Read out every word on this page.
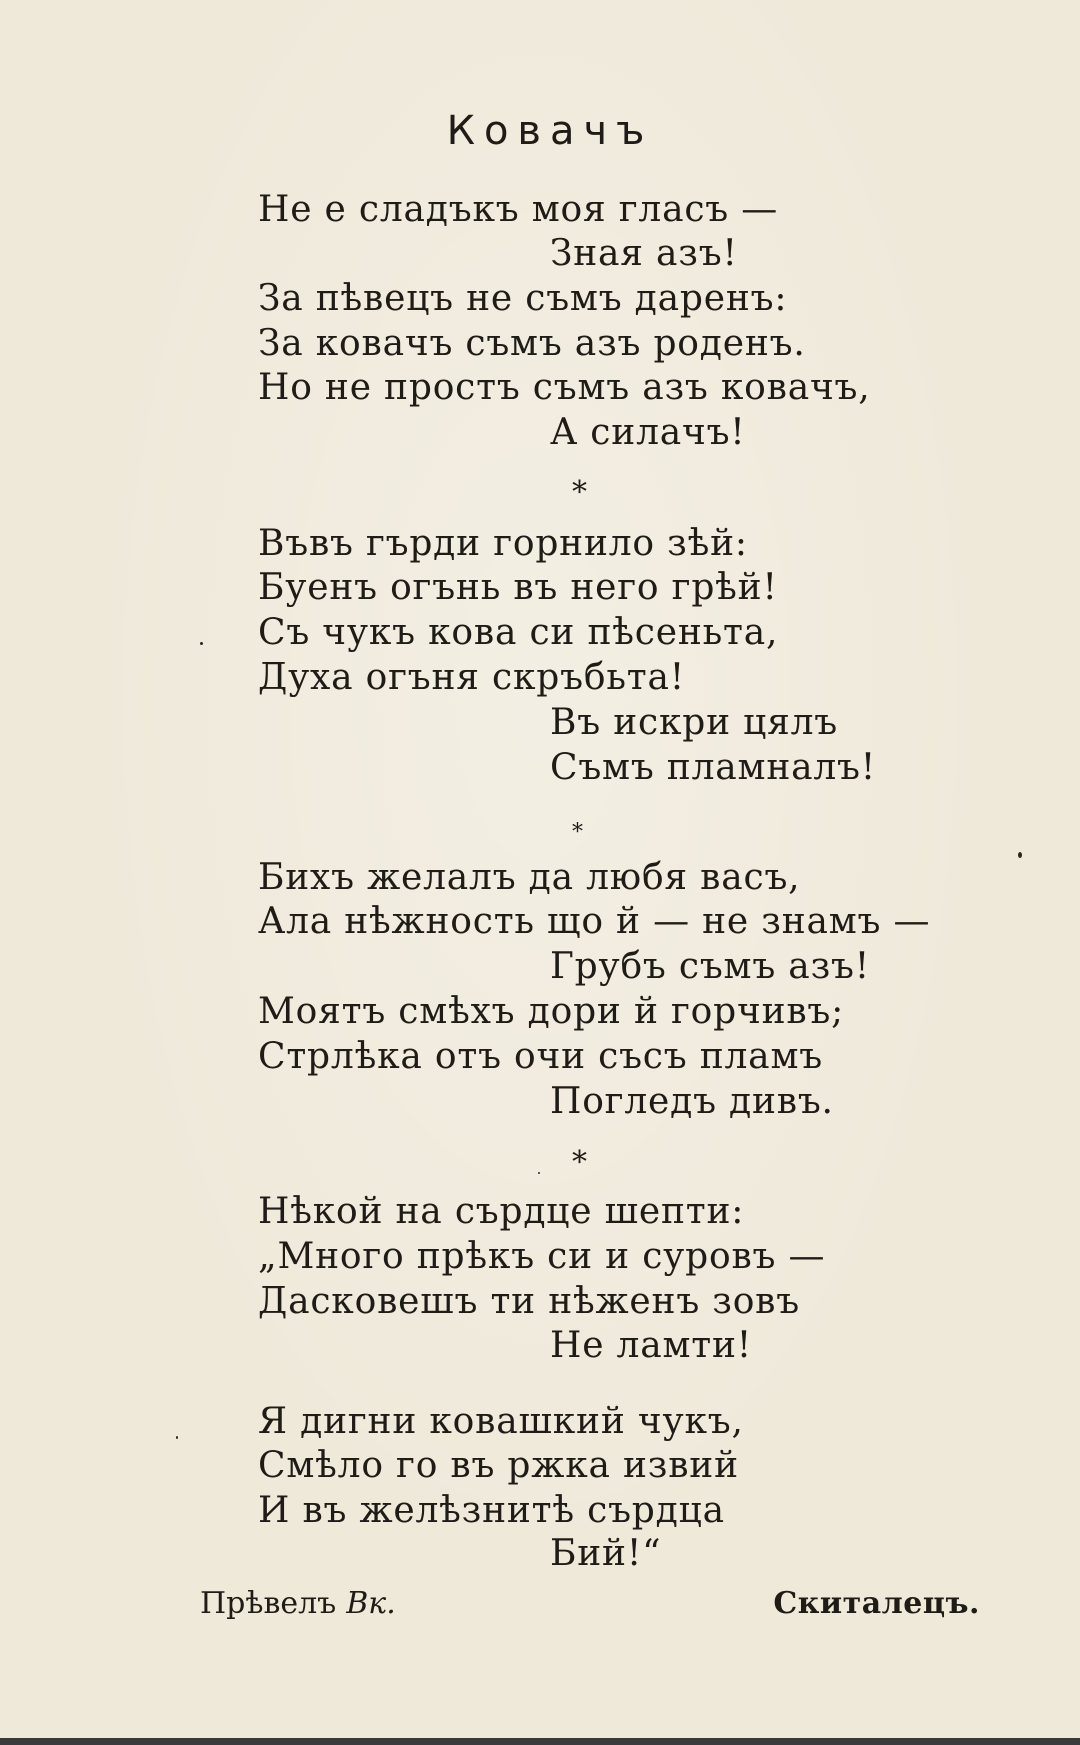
Ковачъ
Не е сладъкъ моя гласъ —
Зная азъ!
За пѣвецъ не съмъ даренъ:
За ковачъ съмъ азъ роденъ.
Но не простъ съмъ азъ ковачъ,
А силачъ!
*
Въвъ гърди горнило зѣй:
Буенъ огънь въ него грѣй!
Съ чукъ кова си пѣсеньта,
Духа огъня скръбьта!
Въ искри цялъ
Съмъ пламналъ!
*
Бихъ желалъ да любя васъ,
Ала нѣжность що й — не знамъ —
Грубъ съмъ азъ!
Моятъ смѣхъ дори й горчивъ;
Стрлѣка отъ очи съсъ пламъ
Погледъ дивъ.
*
Нѣкой на сърдце шепти:
„Много прѣкъ си и суровъ —
Дасковешъ ти нѣженъ зовъ
Не ламти!
Я дигни ковашкий чукъ,
Смѣло го въ ржка извий
И въ желѣзнитѣ сърдца
Бий!“
Прѣвелъ Вк.	Скиталецъ.
